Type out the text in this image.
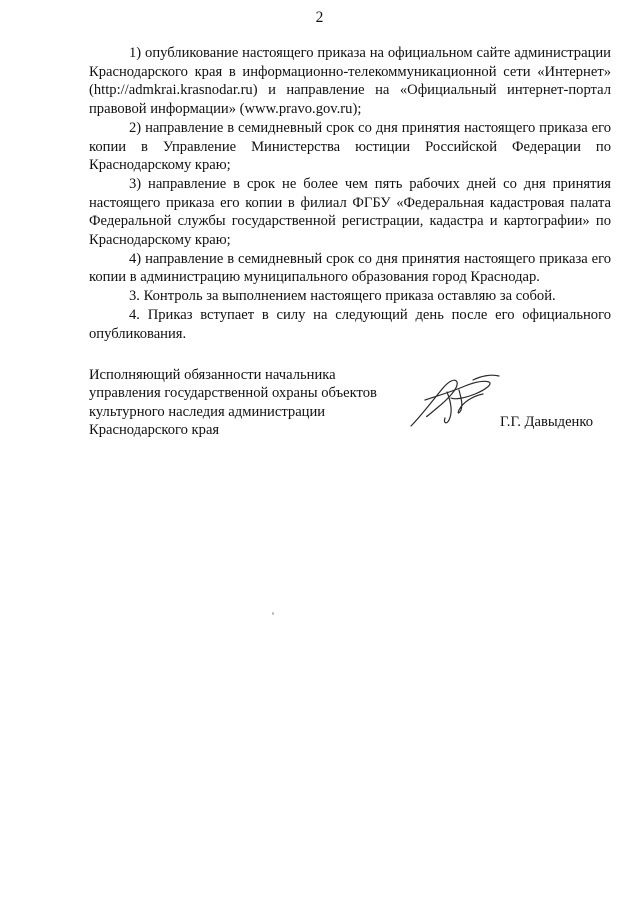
2

1) опубликование настоящего приказа на официальном сайте администрации Краснодарского края в информационно-телекоммуникационной сети «Интернет» (http://admkrai.krasnodar.ru) и направление на «Официальный интернет-портал правовой информации» (www.pravo.gov.ru);

2) направление в семидневный срок со дня принятия настоящего приказа его копии в Управление Министерства юстиции Российской Федерации по Краснодарскому краю;

3) направление в срок не более чем пять рабочих дней со дня принятия настоящего приказа его копии в филиал ФГБУ «Федеральная кадастровая палата Федеральной службы государственной регистрации, кадастра и картографии» по Краснодарскому краю;

4) направление в семидневный срок со дня принятия настоящего приказа его копии в администрацию муниципального образования город Краснодар.

3. Контроль за выполнением настоящего приказа оставляю за собой.

4. Приказ вступает в силу на следующий день после его официального опубликования.

Исполняющий обязанности начальника
управления государственной охраны объектов
культурного наследия администрации
Краснодарского края
Г.Г. Давыденко
